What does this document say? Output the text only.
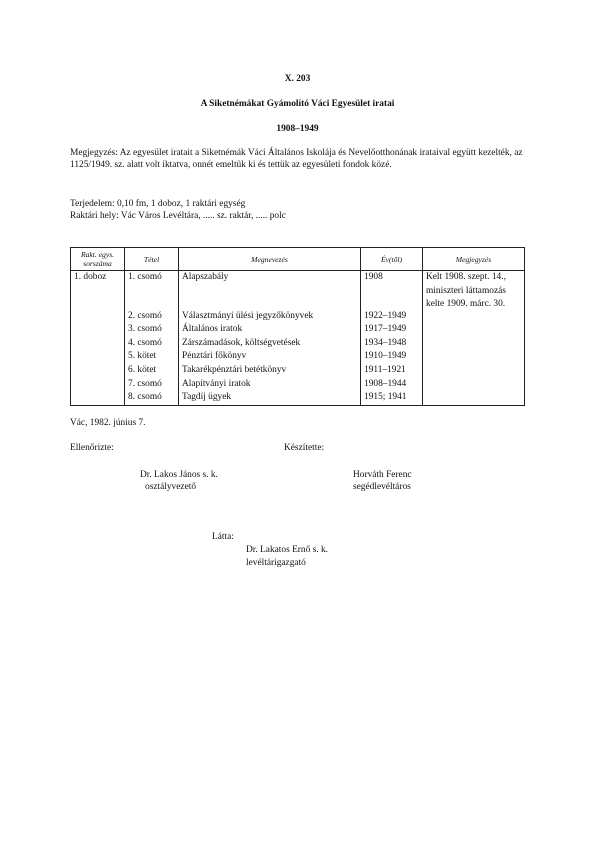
X. 203
A Siketnémákat Gyámolító Váci Egyesület iratai
1908–1949
Megjegyzés: Az egyesület iratait a Siketnémák Váci Általános Iskolája és Nevelőotthonának irataival együtt kezelték, az 1125/1949. sz. alatt volt iktatva, onnét emeltük ki és tettük az egyesületi fondok közé.
Terjedelem: 0,10 fm, 1 doboz, 1 raktári egység
Raktári hely: Vác Város Levéltára, ..... sz. raktár, ..... polc
Rakt. egys. sorszáma	Tétel	Megnevezés	Év(től)	Megjegyzés
1. doboz	1. csomó	Alapszabály	1908	Kelt 1908. szept. 14., miniszteri láttamozás kelte 1909. márc. 30.
	2. csomó	Választmányi ülési jegyzőkönyvek	1922–1949	
	3. csomó	Általános iratok	1917–1949	
	4. csomó	Zárszámadások, költségvetések	1934–1948	
	5. kötet	Pénztári főkönyv	1910–1949	
	6. kötet	Takarékpénztári betétkönyv	1911–1921	
	7. csomó	Alapítványi iratok	1908–1944	
	8. csomó	Tagdíj ügyek	1915; 1941	
Vác, 1982. június 7.
Ellenőrizte:	Készítette:
Dr. Lakos János s. k.
osztályvezető
Horváth Ferenc
segédlevéltáros
Látta:
Dr. Lakatos Ernő s. k.
levéltárigazgató
